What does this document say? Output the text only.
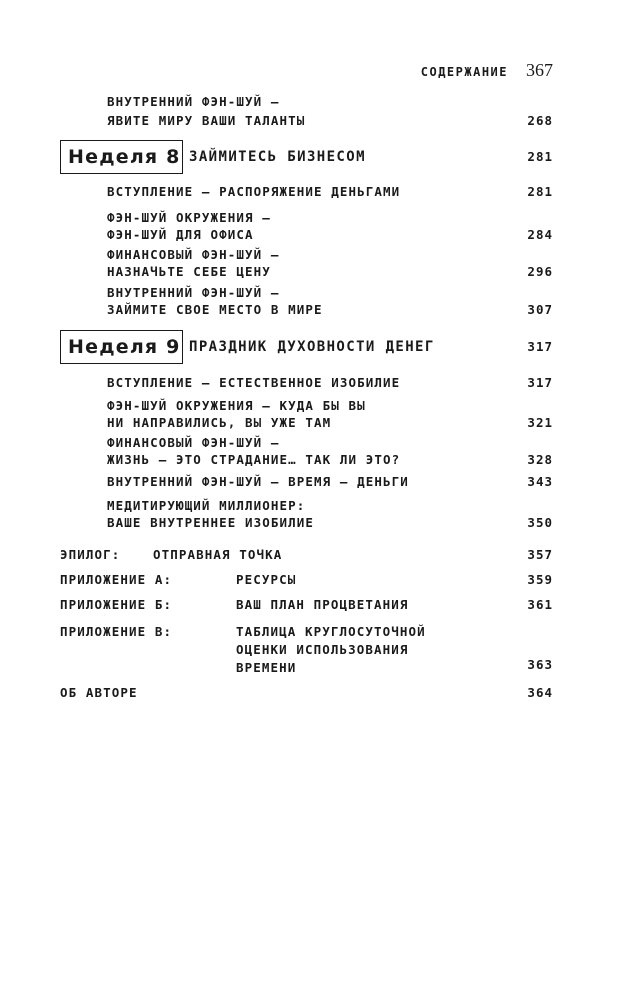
СОДЕРЖАНИЕ 367
ВНУТРЕННИЙ ФЭН-ШУЙ –
ЯВИТЕ МИРУ ВАШИ ТАЛАНТЫ	268
Неделя 8 ЗАЙМИТЕСЬ БИЗНЕСОМ	281
ВСТУПЛЕНИЕ – РАСПОРЯЖЕНИЕ ДЕНЬГАМИ	281
ФЭН-ШУЙ ОКРУЖЕНИЯ –
ФЭН-ШУЙ ДЛЯ ОФИСА	284
ФИНАНСОВЫЙ ФЭН-ШУЙ –
НАЗНАЧЬТЕ СЕБЕ ЦЕНУ	296
ВНУТРЕННИЙ ФЭН-ШУЙ –
ЗАЙМИТЕ СВОЕ МЕСТО В МИРЕ	307
Неделя 9 ПРАЗДНИК ДУХОВНОСТИ ДЕНЕГ	317
ВСТУПЛЕНИЕ – ЕСТЕСТВЕННОЕ ИЗОБИЛИЕ	317
ФЭН-ШУЙ ОКРУЖЕНИЯ – КУДА БЫ ВЫ
НИ НАПРАВИЛИСЬ, ВЫ УЖЕ ТАМ	321
ФИНАНСОВЫЙ ФЭН-ШУЙ –
ЖИЗНЬ – ЭТО СТРАДАНИЕ… ТАК ЛИ ЭТО?	328
ВНУТРЕННИЙ ФЭН-ШУЙ – ВРЕМЯ – ДЕНЬГИ	343
МЕДИТИРУЮЩИЙ МИЛЛИОНЕР:
ВАШЕ ВНУТРЕННЕЕ ИЗОБИЛИЕ	350
ЭПИЛОГ:	ОТПРАВНАЯ ТОЧКА	357
ПРИЛОЖЕНИЕ А:	РЕСУРСЫ	359
ПРИЛОЖЕНИЕ Б:	ВАШ ПЛАН ПРОЦВЕТАНИЯ	361
ПРИЛОЖЕНИЕ В:	ТАБЛИЦА КРУГЛОСУТОЧНОЙ
ОЦЕНКИ ИСПОЛЬЗОВАНИЯ
ВРЕМЕНИ	363
ОБ АВТОРЕ	364
